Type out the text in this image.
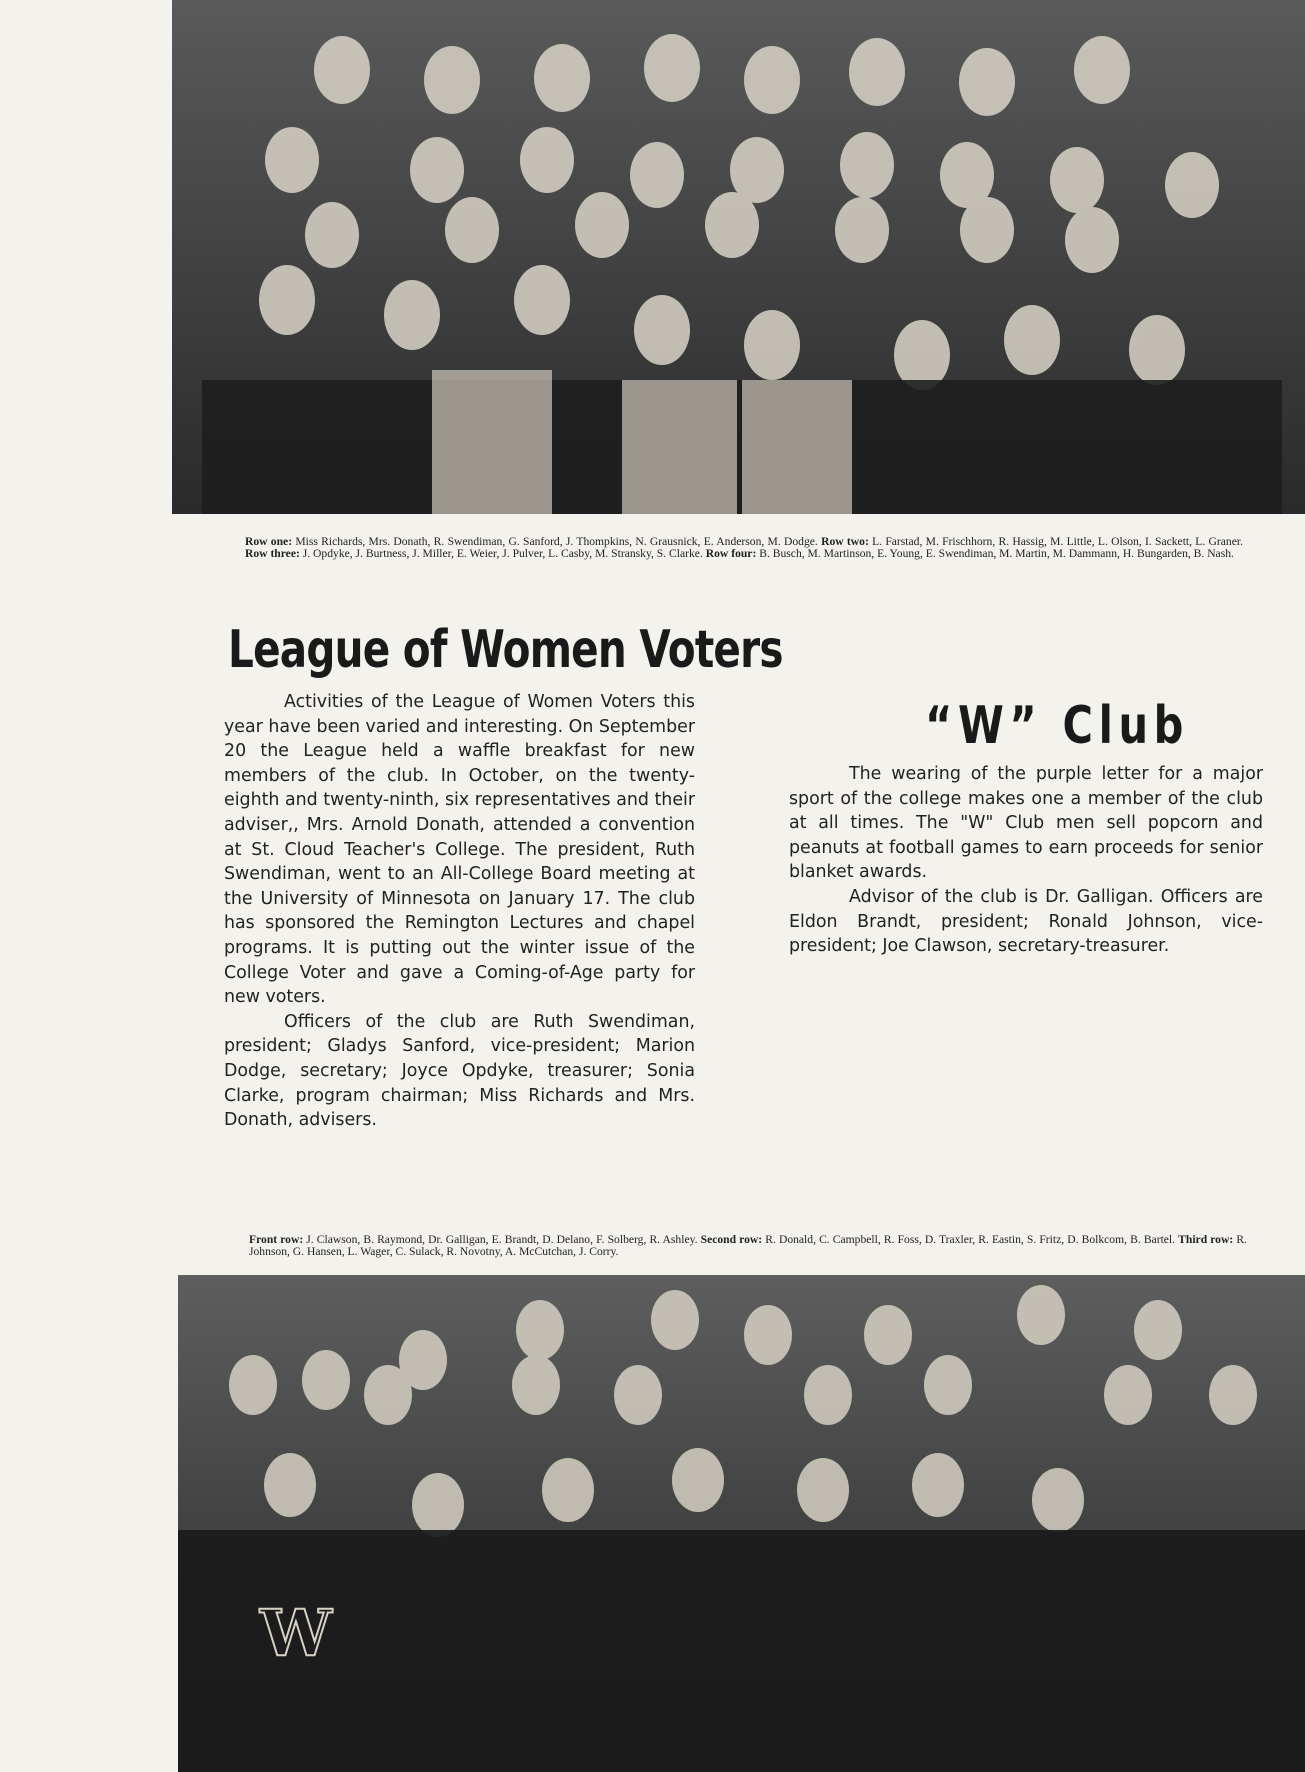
Row one: Miss Richards, Mrs. Donath, R. Swendiman, G. Sanford, J. Thompkins, N. Grausnick, E. Anderson, M. Dodge. Row two: L. Farstad, M. Frischhorn, R. Hassig, M. Little, L. Olson, I. Sackett, L. Graner. Row three: J. Opdyke, J. Burtness, J. Miller, E. Weier, J. Pulver, L. Casby, M. Stransky, S. Clarke. Row four: B. Busch, M. Martinson, E. Young, E. Swendiman, M. Martin, M. Dammann, H. Bungarden, B. Nash.
League of Women Voters

Activities of the League of Women Voters this year have been varied and interesting. On September 20 the League held a waffle breakfast for new members of the club. In October, on the twenty-eighth and twenty-ninth, six representatives and their adviser,, Mrs. Arnold Donath, attended a convention at St. Cloud Teacher's College. The president, Ruth Swendiman, went to an All-College Board meeting at the University of Minnesota on January 17. The club has sponsored the Remington Lectures and chapel programs. It is putting out the winter issue of the College Voter and gave a Coming-of-Age party for new voters.

Officers of the club are Ruth Swendiman, president; Gladys Sanford, vice-president; Marion Dodge, secretary; Joyce Opdyke, treasurer; Sonia Clarke, program chairman; Miss Richards and Mrs. Donath, advisers.

“W” Club

The wearing of the purple letter for a major sport of the college makes one a member of the club at all times. The "W" Club men sell popcorn and peanuts at football games to earn proceeds for senior blanket awards.

Advisor of the club is Dr. Galligan. Officers are Eldon Brandt, president; Ronald Johnson, vice-president; Joe Clawson, secretary-treasurer.

Front row: J. Clawson, B. Raymond, Dr. Galligan, E. Brandt, D. Delano, F. Solberg, R. Ashley. Second row: R. Donald, C. Campbell, R. Foss, D. Traxler, R. Eastin, S. Fritz, D. Bolkcom, B. Bartel. Third row: R. Johnson, G. Hansen, L. Wager, C. Sulack, R. Novotny, A. McCutchan, J. Corry.
W
